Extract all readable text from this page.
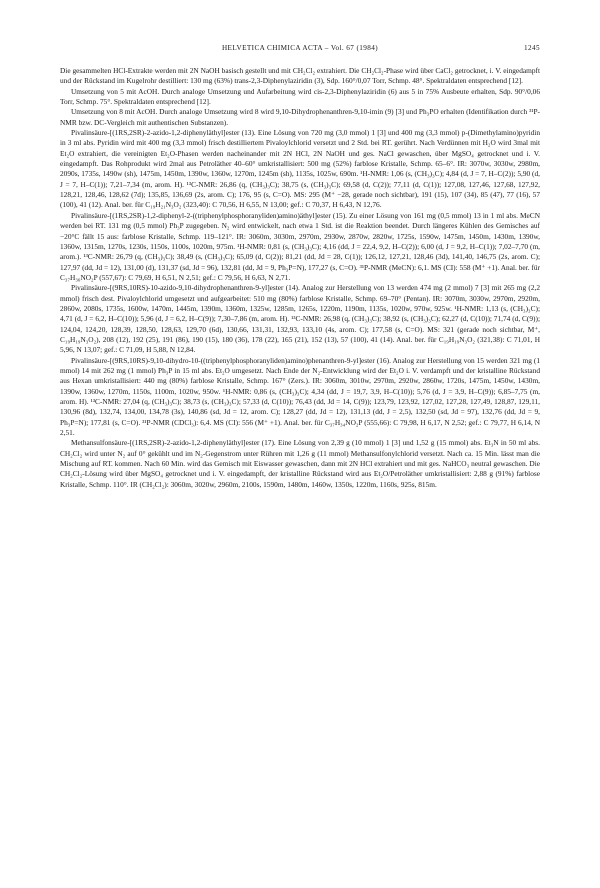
HELVETICA CHIMICA ACTA – Vol. 67 (1984)	1245

Die gesammelten HCl-Extrakte werden mit 2N NaOH basisch gestellt und mit CH₂Cl₂ extrahiert. Die CH₂Cl₂-Phase wird über CaCl₂ getrocknet, i. V. eingedampft und der Rückstand im Kugelrohr destilliert: 130 mg (63%) trans-2,3-Diphenylaziridin (3), Sdp. 160°/0,07 Torr, Schmp. 48°. Spektraldaten entsprechend [12].

Umsetzung von 5 mit AcOH. Durch analoge Umsetzung und Aufarbeitung wird cis-2,3-Diphenylaziridin (6) aus 5 in 75% Ausbeute erhalten, Sdp. 90°/0,06 Torr, Schmp. 75°. Spektraldaten entsprechend [12].

Umsetzung von 8 mit AcOH. Durch analoge Umsetzung wird 8 wird 9,10-Dihydrophenanthren-9,10-imin (9) [3] und Ph₃PO erhalten (Identifikation durch ³¹P-NMR bzw. DC-Vergleich mit authentischen Substanzen).

Pivalinsäure-[(1RS,2SR)-2-azido-1,2-diphenyläthyl]ester (13). Eine Lösung von 720 mg (3,0 mmol) 1 [3] und 400 mg (3,3 mmol) p-(Dimethylamino)pyridin in 3 ml abs. Pyridin wird mit 400 mg (3,3 mmol) frisch destilliertem Pivaloylchlorid versetzt und 2 Std. bei RT. gerührt. Nach Verdünnen mit H₂O wird 3mal mit Et₂O extrahiert, die vereinigten Et₂O-Phasen werden nacheinander mit 2N HCl, 2N NaOH und ges. NaCl gewaschen, über MgSO₄ getrocknet und i. V. eingedampft. Das Rohprodukt wird 2mal aus Petroläther 40–60° umkristallisiert: 500 mg (52%) farblose Kristalle, Schmp. 65–6°. IR: 3070w, 3030w, 2980m, 2090s, 1735s, 1490w (sh), 1475m, 1450m, 1390w, 1360w, 1270m, 1245m (sh), 1135s, 1025w, 690m. ¹H-NMR: 1,06 (s, (CH₃)₃C); 4,84 (d, J = 7, H–C(2)); 5,90 (d, J = 7, H–C(1)); 7,21–7,34 (m, arom. H). ¹³C-NMR: 26,86 (q, (CH₃)₃C); 38,75 (s, (CH₃)₃C); 69,58 (d, C(2)); 77,11 (d, C(1)); 127,08, 127,46, 127,68, 127,92, 128,21, 128,46, 128,62 (7d); 135,85, 136,69 (2s, arom. C); 176, 95 (s, C=O). MS: 295 (M⁺ −28, gerade noch sichtbar), 191 (15), 107 (34), 85 (47), 77 (16), 57 (100), 41 (12). Anal. ber. für C₁₉H₂₁N₃O₂ (323,40): C 70,56, H 6,55, N 13,00; gef.: C 70,37, H 6,43, N 12,76.

Pivalinsäure-[(1RS,2SR)-1,2-diphenyl-2-((triphenylphosphoranyliden)amino)äthyl]ester (15). Zu einer Lösung von 161 mg (0,5 mmol) 13 in 1 ml abs. MeCN werden bei RT. 131 mg (0,5 mmol) Ph₃P zugegeben. N₂ wird entwickelt, nach etwa 1 Std. ist die Reaktion beendet. Durch längeres Kühlen des Gemisches auf −20°C fällt 15 aus: farblose Kristalle, Schmp. 119–121°. IR: 3060m, 3030m, 2970m, 2930w, 2870w, 2820w, 1725s, 1590w, 1475m, 1450m, 1430m, 1390w, 1360w, 1315m, 1270s, 1230s, 1150s, 1100s, 1020m, 975m. ¹H-NMR: 0,81 (s, (CH₃)₃C); 4,16 (dd, J = 22,4, 9,2, H–C(2)); 6,00 (d, J = 9,2, H–C(1)); 7,02–7,70 (m, arom.). ¹³C-NMR: 26,79 (q, (CH₃)₃C); 38,49 (s, (CH₃)₃C); 65,09 (d, C(2)); 81,21 (dd, Jd = 28, C(1)); 126,12, 127,21, 128,46 (3d), 141,40, 146,75 (2s, arom. C); 127,97 (dd, Jd = 12), 131,00 (d), 131,37 (sd, Jd = 96), 132,81 (dd, Jd = 9, Ph₃P=N), 177,27 (s, C=O). ³¹P-NMR (MeCN): 6,1. MS (CI): 558 (M⁺ +1). Anal. ber. für C₃₇H₃₆NO₂P (557,67): C 79,69, H 6,51, N 2,51; gef.: C 79,56, H 6,63, N 2,71.

Pivalinsäure-[(9RS,10RS)-10-azido-9,10-dihydrophenanthren-9-yl]ester (14). Analog zur Herstellung von 13 werden 474 mg (2 mmol) 7 [3] mit 265 mg (2,2 mmol) frisch dest. Pivaloylchlorid umgesetzt und aufgearbeitet: 510 mg (80%) farblose Kristalle, Schmp. 69–70° (Pentan). IR: 3070m, 3030w, 2970m, 2920m, 2860w, 2080s, 1735s, 1600w, 1470m, 1445m, 1390m, 1360m, 1325w, 1285m, 1265s, 1220m, 1190m, 1135s, 1020w, 970w, 925w. ¹H-NMR: 1,13 (s, (CH₃)₃C); 4,71 (d, J = 6,2, H–C(10)); 5,96 (d, J = 6,2, H–C(9)); 7,30–7,86 (m, arom. H). ¹³C-NMR: 26,98 (q, (CH₃)₃C); 38,92 (s, (CH₃)₃C); 62,27 (d, C(10)); 71,74 (d, C(9)); 124,04, 124,20, 128,39, 128,50, 128,63, 129,70 (6d), 130,66, 131,31, 132,93, 133,10 (4s, arom. C); 177,58 (s, C=O). MS: 321 (gerade noch sichtbar, M⁺, C₁₉H₁₉N₃O₂), 208 (12), 192 (25), 191 (86), 190 (15), 180 (36), 178 (22), 165 (21), 152 (13), 57 (100), 41 (14). Anal. ber. für C₁₉H₁₉N₃O₂ (321,38): C 71,01, H 5,96, N 13,07; gef.: C 71,09, H 5,88, N 12,84.

Pivalinsäure-[(9RS,10RS)-9,10-dihydro-10-((triphenylphosphoranyliden)amino)phenanthren-9-yl]ester (16). Analog zur Herstellung von 15 werden 321 mg (1 mmol) 14 mit 262 mg (1 mmol) Ph₃P in 15 ml abs. Et₂O umgesetzt. Nach Ende der N₂-Entwicklung wird der Et₂O i. V. verdampft und der kristalline Rückstand aus Hexan umkristallisiert: 440 mg (80%) farblose Kristalle, Schmp. 167° (Zers.). IR: 3060m, 3010w, 2970m, 2920w, 2860w, 1720s, 1475m, 1450w, 1430m, 1390w, 1360w, 1270m, 1150s, 1100m, 1020w, 950w. ¹H-NMR: 0,86 (s, (CH₃)₃C); 4,34 (dd, J = 19,7, 3,9, H–C(10)); 5,76 (d, J = 3,9, H–C(9)); 6,85–7,75 (m, arom. H). ¹³C-NMR: 27,04 (q, (CH₃)₃C); 38,73 (s, (CH₃)₃C); 57,33 (d, C(10)); 76,43 (dd, Jd = 14, C(9)); 123,79, 123,92, 127,02, 127,28, 127,49, 128,87, 129,11, 130,96 (8d), 132,74, 134,00, 134,78 (3s), 140,86 (sd, Jd = 12, arom. C); 128,27 (dd, Jd = 12), 131,13 (dd, J = 2,5), 132,50 (sd, Jd = 97), 132,76 (dd, Jd = 9, Ph₃P=N); 177,81 (s, C=O). ³¹P-NMR (CDCl₃): 6,4. MS (CI): 556 (M⁺ +1). Anal. ber. für C₃₇H₃₄NO₂P (555,66): C 79,98, H 6,17, N 2,52; gef.: C 79,77, H 6,14, N 2,51.

Methansulfonsäure-[(1RS,2SR)-2-azido-1,2-diphenyläthyl]ester (17). Eine Lösung von 2,39 g (10 mmol) 1 [3] und 1,52 g (15 mmol) abs. Et₃N in 50 ml abs. CH₂Cl₂ wird unter N₂ auf 0° gekühlt und im N₂-Gegenstrom unter Rühren mit 1,26 g (11 mmol) Methansulfonylchlorid versetzt. Nach ca. 15 Min. lässt man die Mischung auf RT. kommen. Nach 60 Min. wird das Gemisch mit Eiswasser gewaschen, dann mit 2N HCl extrahiert und mit ges. NaHCO₃ neutral gewaschen. Die CH₂Cl₂-Lösung wird über MgSO₄ getrocknet und i. V. eingedampft, der kristalline Rückstand wird aus Et₂O/Petroläther umkristallisiert: 2,88 g (91%) farblose Kristalle, Schmp. 110°. IR (CH₂Cl₂): 3060m, 3020w, 2960m, 2100s, 1590m, 1480m, 1460w, 1350s, 1220m, 1160s, 925s, 815m.
